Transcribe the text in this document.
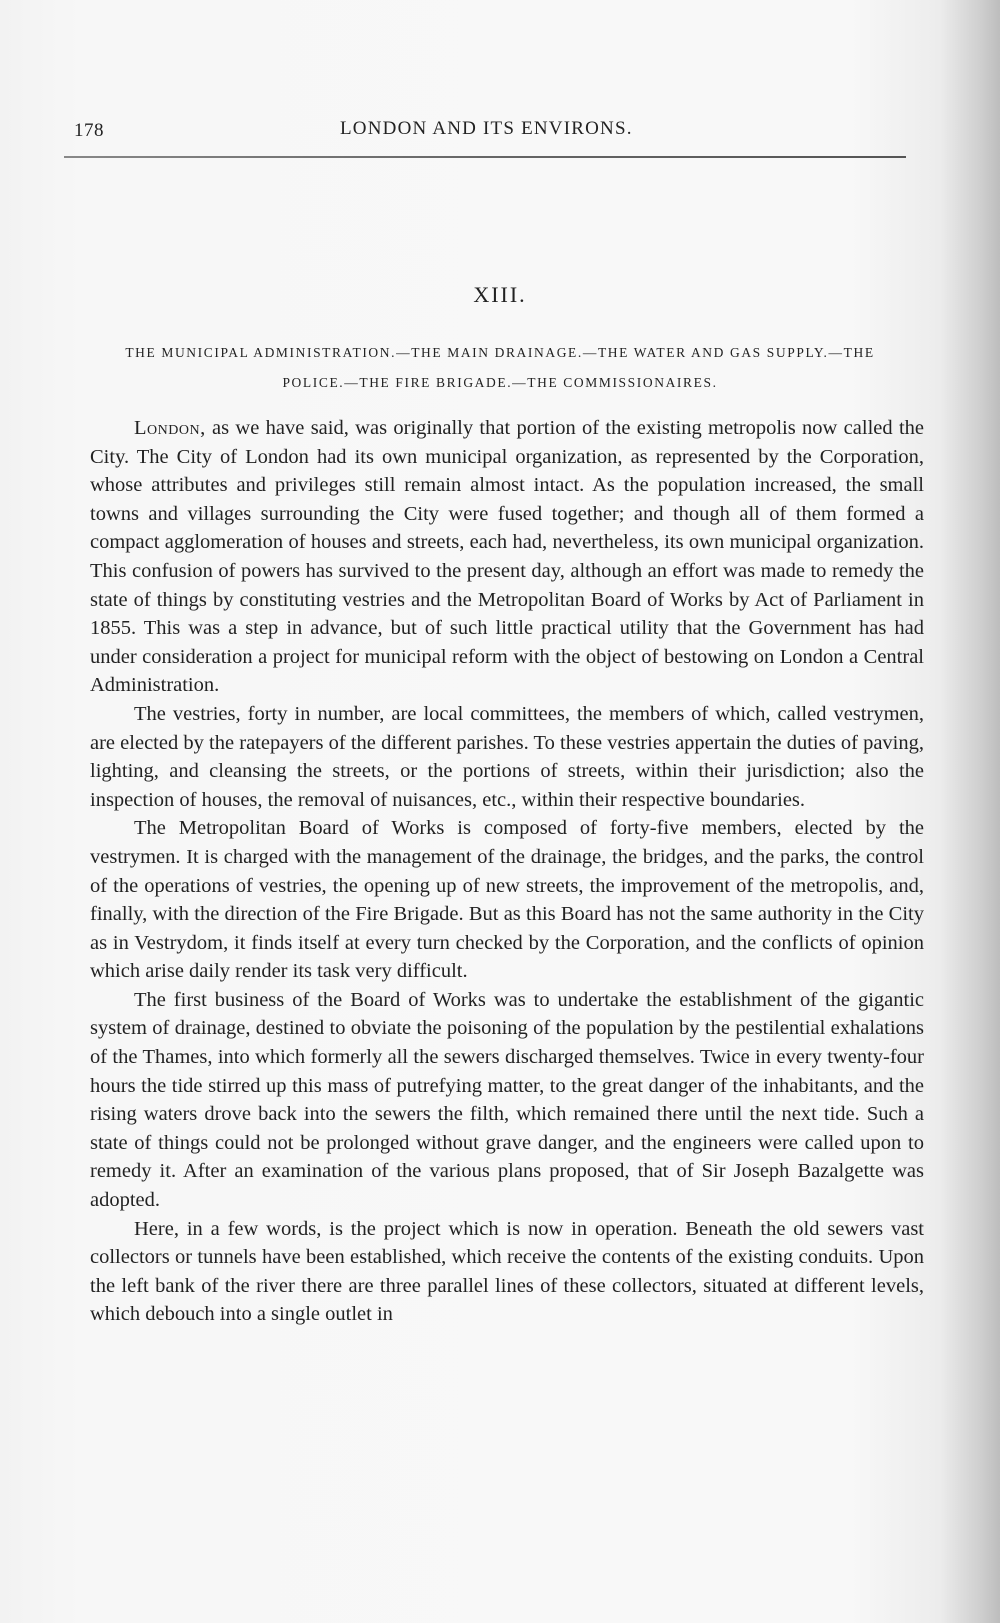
178	LONDON AND ITS ENVIRONS.
XIII.
THE MUNICIPAL ADMINISTRATION.—THE MAIN DRAINAGE.—THE WATER AND GAS SUPPLY.—THE POLICE.—THE FIRE BRIGADE.—THE COMMISSIONAIRES.

London, as we have said, was originally that portion of the existing metropolis now called the City. The City of London had its own municipal organization, as represented by the Corporation, whose attributes and privileges still remain almost intact. As the population increased, the small towns and villages surrounding the City were fused together; and though all of them formed a compact agglomeration of houses and streets, each had, nevertheless, its own municipal organization. This confusion of powers has survived to the present day, although an effort was made to remedy the state of things by constituting vestries and the Metropolitan Board of Works by Act of Parliament in 1855. This was a step in advance, but of such little practical utility that the Government has had under consideration a project for municipal reform with the object of bestowing on London a Central Administration.

The vestries, forty in number, are local committees, the members of which, called vestrymen, are elected by the ratepayers of the different parishes. To these vestries appertain the duties of paving, lighting, and cleansing the streets, or the portions of streets, within their jurisdiction; also the inspection of houses, the removal of nuisances, etc., within their respective boundaries.

The Metropolitan Board of Works is composed of forty-five members, elected by the vestrymen. It is charged with the management of the drainage, the bridges, and the parks, the control of the operations of vestries, the opening up of new streets, the improvement of the metropolis, and, finally, with the direction of the Fire Brigade. But as this Board has not the same authority in the City as in Vestrydom, it finds itself at every turn checked by the Corporation, and the conflicts of opinion which arise daily render its task very difficult.

The first business of the Board of Works was to undertake the establishment of the gigantic system of drainage, destined to obviate the poisoning of the population by the pestilential exhalations of the Thames, into which formerly all the sewers discharged themselves. Twice in every twenty-four hours the tide stirred up this mass of putrefying matter, to the great danger of the inhabitants, and the rising waters drove back into the sewers the filth, which remained there until the next tide. Such a state of things could not be prolonged without grave danger, and the engineers were called upon to remedy it. After an examination of the various plans proposed, that of Sir Joseph Bazalgette was adopted.

Here, in a few words, is the project which is now in operation. Beneath the old sewers vast collectors or tunnels have been established, which receive the contents of the existing conduits. Upon the left bank of the river there are three parallel lines of these collectors, situated at different levels, which debouch into a single outlet in
